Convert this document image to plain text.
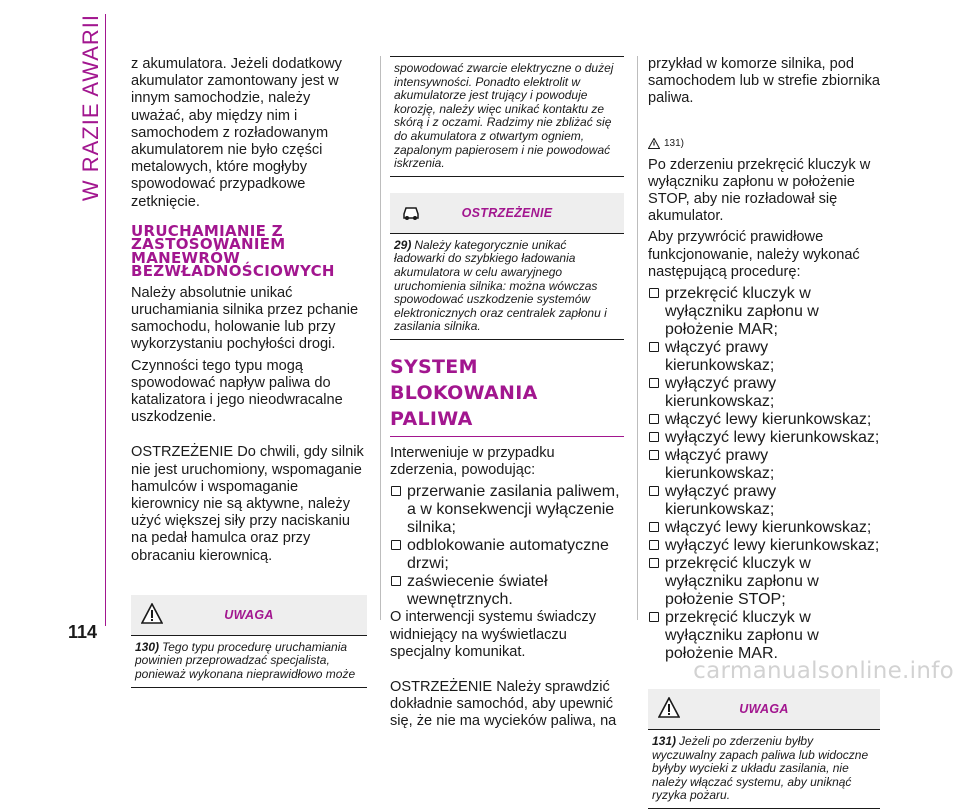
W RAZIE AWARII z akumulatora. Jeżeli dodatkowy akumulator zamontowany jest w innym samochodzie, należy uważać, aby między nim i samochodem z rozładowanym akumulatorem nie było części metalowych, które mogłyby spowodować przypadkowe zetknięcie.

URUCHAMIANIE Z ZASTOSOWANIEM MANEWRÓW BEZWŁADNOŚCIOWYCH

Należy absolutnie unikać uruchamiania silnika przez pchanie samochodu, holowanie lub przy wykorzystaniu pochyłości drogi.

Czynności tego typu mogą spowodować napływ paliwa do katalizatora i jego nieodwracalne uszkodzenie.

OSTRZEŻENIE Do chwili, gdy silnik nie jest uruchomiony, wspomaganie hamulców i wspomaganie kierownicy nie są aktywne, należy użyć większej siły przy naciskaniu na pedał hamulca oraz przy obracaniu kierownicą.

UWAGA

130) Tego typu procedurę uruchamiania powinien przeprowadzać specjalista, ponieważ wykonana nieprawidłowo może

spowodować zwarcie elektryczne o dużej intensywności. Ponadto elektrolit w akumulatorze jest trujący i powoduje korozję, należy więc unikać kontaktu ze skórą i z oczami. Radzimy nie zbliżać się do akumulatora z otwartym ogniem, zapalonym papierosem i nie powodować iskrzenia.

OSTRZEŻENIE

29) Należy kategorycznie unikać ładowarki do szybkiego ładowania akumulatora w celu awaryjnego uruchomienia silnika: można wówczas spowodować uszkodzenie systemów elektronicznych oraz centralek zapłonu i zasilania silnika.

SYSTEM BLOKOWANIA PALIWA

Interweniuje w przypadku zderzenia, powodując:

przerwanie zasilania paliwem, a w konsekwencji wyłączenie silnika;
odblokowanie automatyczne drzwi;
zaświecenie świateł wewnętrznych.

O interwencji systemu świadczy widniejący na wyświetlaczu specjalny komunikat.

OSTRZEŻENIE Należy sprawdzić dokładnie samochód, aby upewnić się, że nie ma wycieków paliwa, na

przykład w komorze silnika, pod samochodem lub w strefie zbiornika paliwa.

131)

Po zderzeniu przekręcić kluczyk w wyłączniku zapłonu w położenie STOP, aby nie rozładował się akumulator.

Aby przywrócić prawidłowe funkcjonowanie, należy wykonać następującą procedurę:

przekręcić kluczyk w wyłączniku zapłonu w położenie MAR;
włączyć prawy kierunkowskaz;
wyłączyć prawy kierunkowskaz;
włączyć lewy kierunkowskaz;
wyłączyć lewy kierunkowskaz;
włączyć prawy kierunkowskaz;
wyłączyć prawy kierunkowskaz;
włączyć lewy kierunkowskaz;
wyłączyć lewy kierunkowskaz;
przekręcić kluczyk w wyłączniku zapłonu w położenie STOP;
przekręcić kluczyk w wyłączniku zapłonu w położenie MAR.
UWAGA

131) Jeżeli po zderzeniu byłby wyczuwalny zapach paliwa lub widoczne byłyby wycieki z układu zasilania, nie należy włączać systemu, aby uniknąć ryzyka pożaru.

114
carmanualsonline.info
